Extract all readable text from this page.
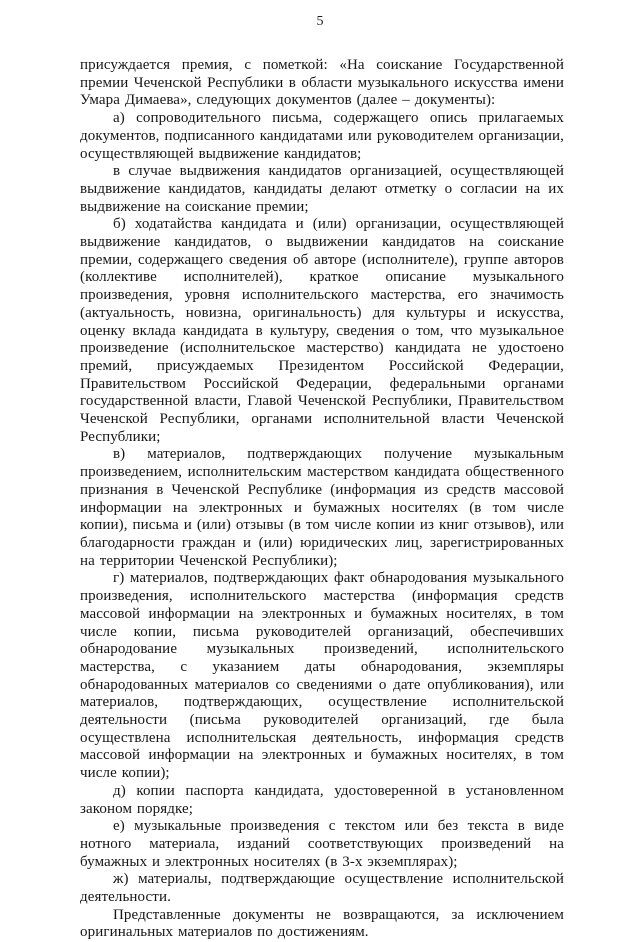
5

присуждается премия, с пометкой: «На соискание Государственной премии Чеченской Республики в области музыкального искусства имени Умара Димаева», следующих документов (далее – документы):

а) сопроводительного письма, содержащего опись прилагаемых документов, подписанного кандидатами или руководителем организации, осуществляющей выдвижение кандидатов;

в случае выдвижения кандидатов организацией, осуществляющей выдвижение кандидатов, кандидаты делают отметку о согласии на их выдвижение на соискание премии;

б) ходатайства кандидата и (или) организации, осуществляющей выдвижение кандидатов, о выдвижении кандидатов на соискание премии, содержащего сведения об авторе (исполнителе), группе авторов (коллективе исполнителей), краткое описание музыкального произведения, уровня исполнительского мастерства, его значимость (актуальность, новизна, оригинальность) для культуры и искусства, оценку вклада кандидата в культуру, сведения о том, что музыкальное произведение (исполнительское мастерство) кандидата не удостоено премий, присуждаемых Президентом Российской Федерации, Правительством Российской Федерации, федеральными органами государственной власти, Главой Чеченской Республики, Правительством Чеченской Республики, органами исполнительной власти Чеченской Республики;

в) материалов, подтверждающих получение музыкальным произведением, исполнительским мастерством кандидата общественного признания в Чеченской Республике (информация из средств массовой информации на электронных и бумажных носителях (в том числе копии), письма и (или) отзывы (в том числе копии из книг отзывов), или благодарности граждан и (или) юридических лиц, зарегистрированных на территории Чеченской Республики);

г) материалов, подтверждающих факт обнародования музыкального произведения, исполнительского мастерства (информация средств массовой информации на электронных и бумажных носителях, в том числе копии, письма руководителей организаций, обеспечивших обнародование музыкальных произведений, исполнительского мастерства, с указанием даты обнародования, экземпляры обнародованных материалов со сведениями о дате опубликования), или материалов, подтверждающих, осуществление исполнительской деятельности (письма руководителей организаций, где была осуществлена исполнительская деятельность, информация средств массовой информации на электронных и бумажных носителях, в том числе копии);

д) копии паспорта кандидата, удостоверенной в установленном законом порядке;

е) музыкальные произведения с текстом или без текста в виде нотного материала, изданий соответствующих произведений на бумажных и электронных носителях (в 3-х экземплярах);

ж) материалы, подтверждающие осуществление исполнительской деятельности.

Представленные документы не возвращаются, за исключением оригинальных материалов по достижениям.
